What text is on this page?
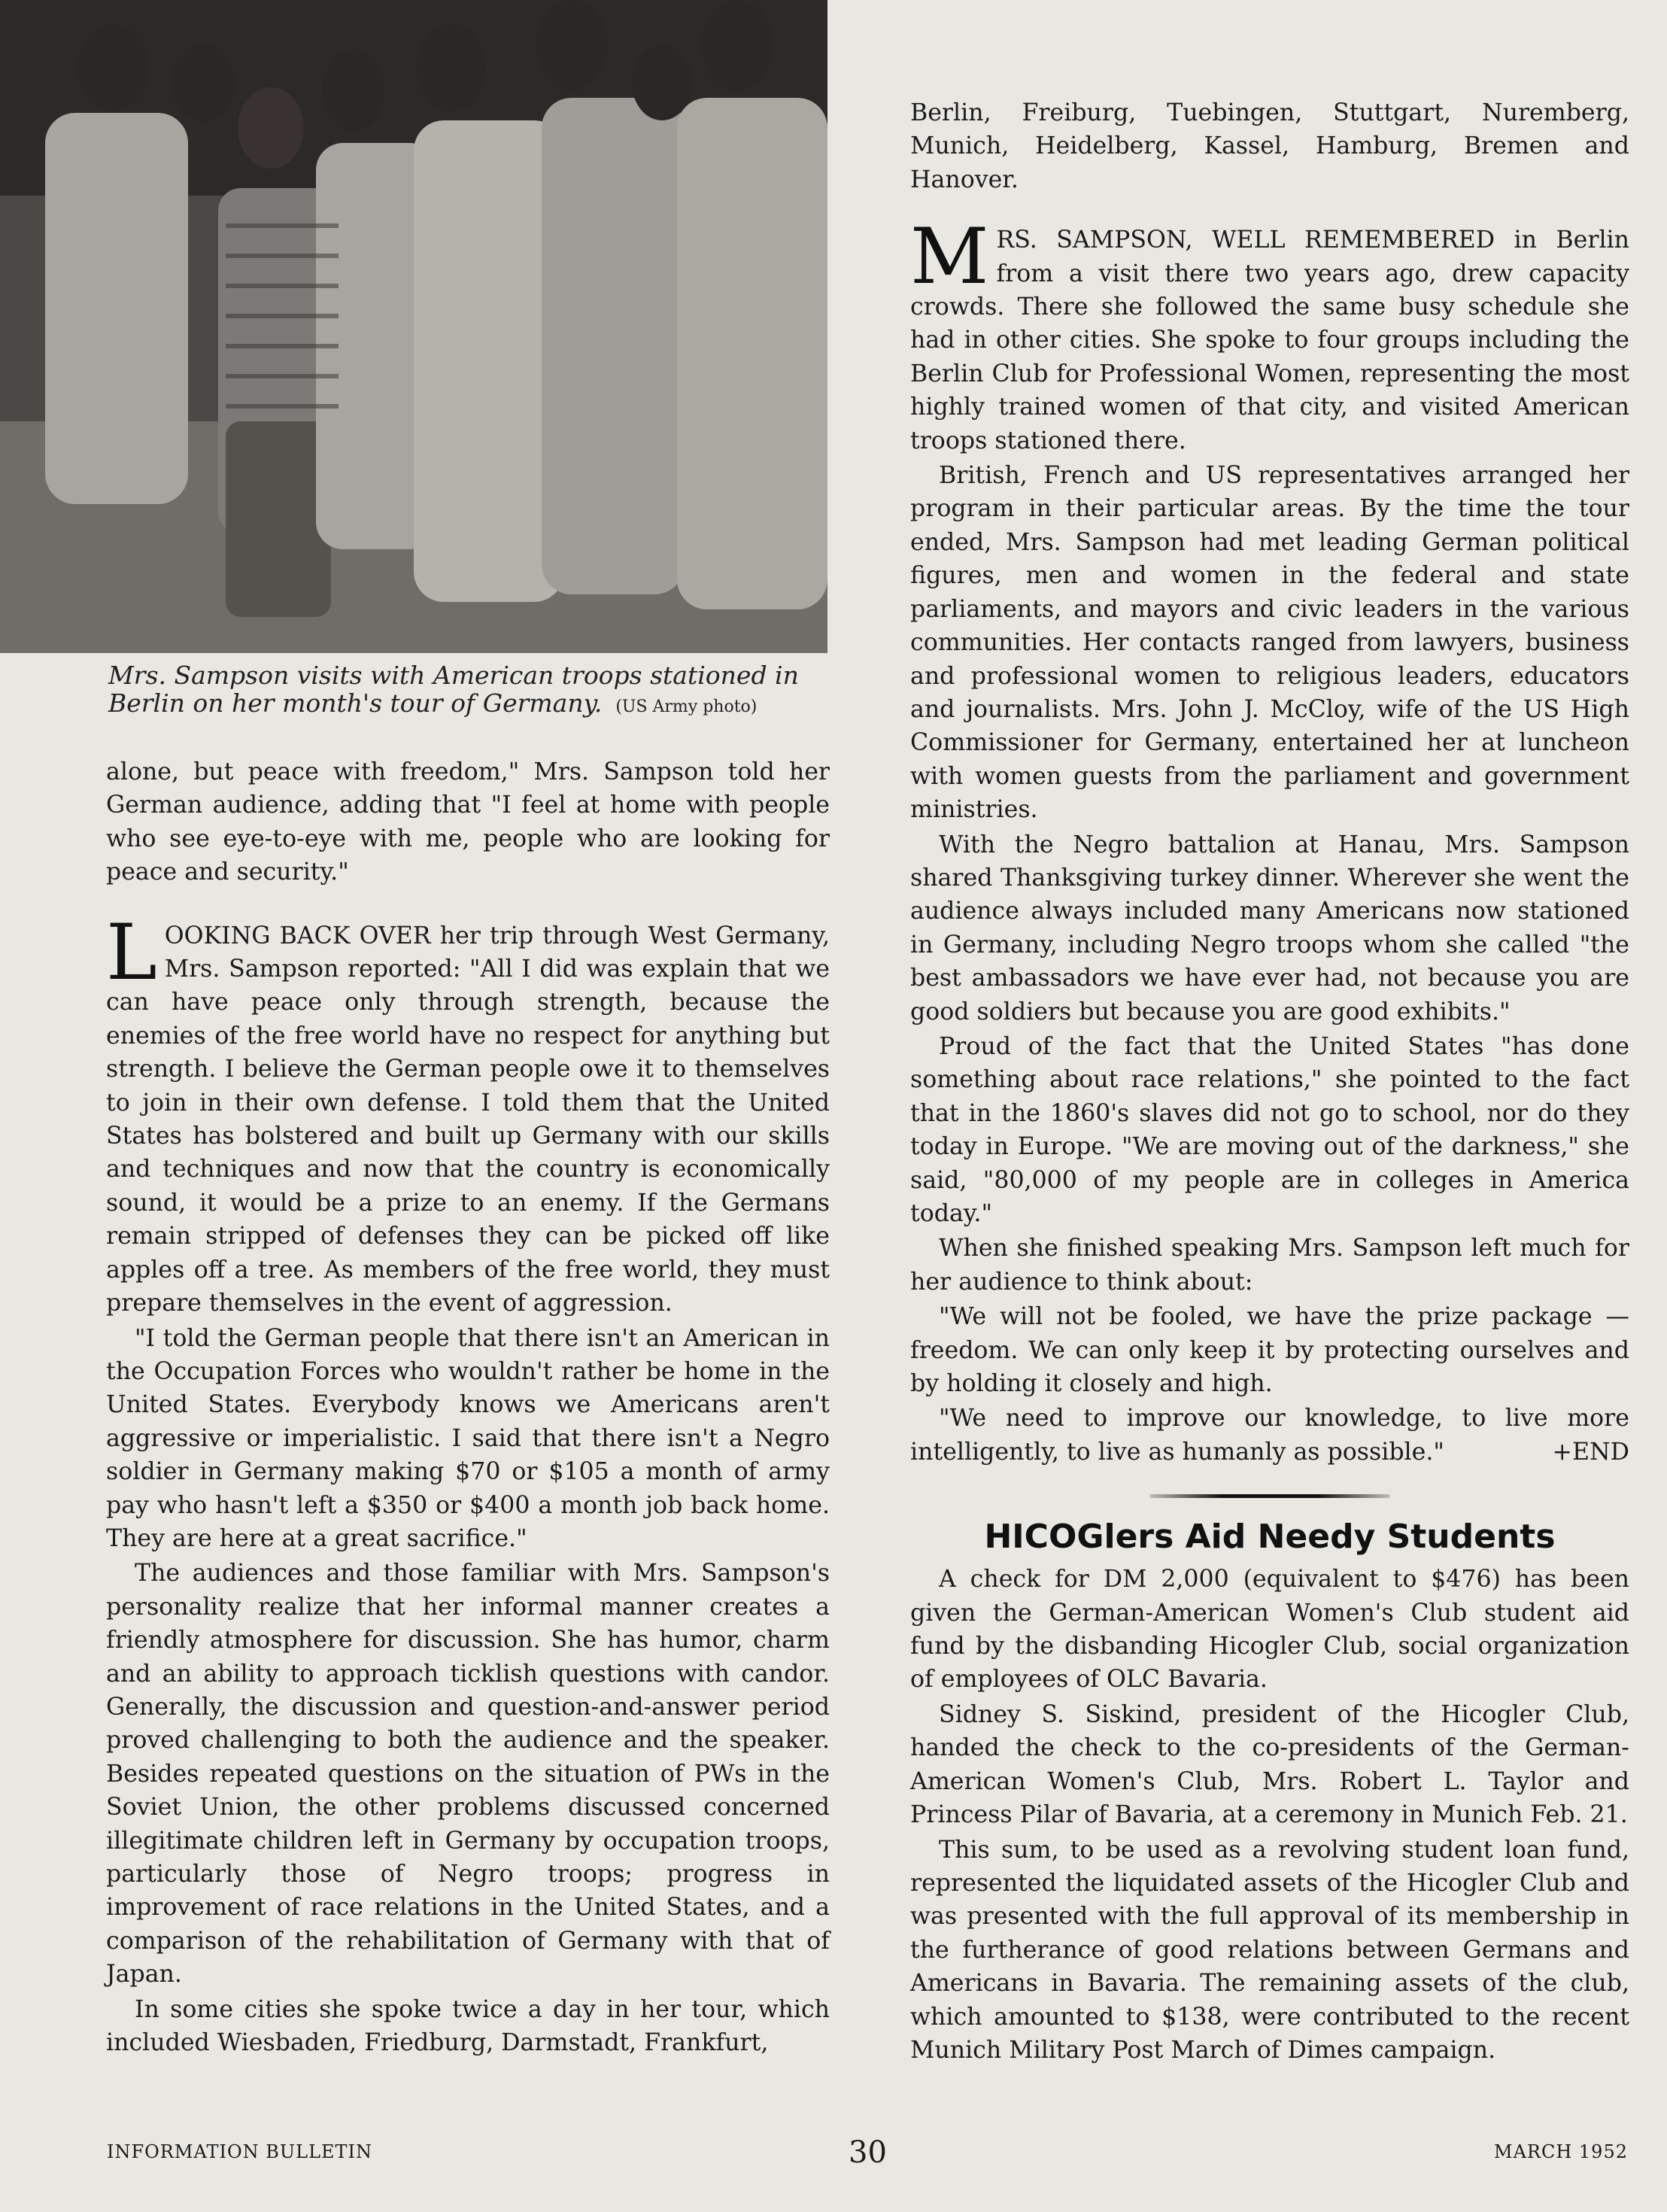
Mrs. Sampson visits with American troops stationed in Berlin on her month's tour of Germany. (US Army photo)

alone, but peace with freedom," Mrs. Sampson told her German audience, adding that "I feel at home with people who see eye-to-eye with me, people who are looking for peace and security."

LOOKING BACK OVER her trip through West Germany, Mrs. Sampson reported: "All I did was explain that we can have peace only through strength, because the enemies of the free world have no respect for anything but strength. I believe the German people owe it to themselves to join in their own defense. I told them that the United States has bolstered and built up Germany with our skills and techniques and now that the country is economically sound, it would be a prize to an enemy. If the Germans remain stripped of defenses they can be picked off like apples off a tree. As members of the free world, they must prepare themselves in the event of aggression.

"I told the German people that there isn't an American in the Occupation Forces who wouldn't rather be home in the United States. Everybody knows we Americans aren't aggressive or imperialistic. I said that there isn't a Negro soldier in Germany making $70 or $105 a month of army pay who hasn't left a $350 or $400 a month job back home. They are here at a great sacrifice."

The audiences and those familiar with Mrs. Sampson's personality realize that her informal manner creates a friendly atmosphere for discussion. She has humor, charm and an ability to approach ticklish questions with candor. Generally, the discussion and question-and-answer period proved challenging to both the audience and the speaker. Besides repeated questions on the situation of PWs in the Soviet Union, the other problems discussed concerned illegitimate children left in Germany by occupation troops, particularly those of Negro troops; progress in improvement of race relations in the United States, and a comparison of the rehabilitation of Germany with that of Japan.

In some cities she spoke twice a day in her tour, which included Wiesbaden, Friedburg, Darmstadt, Frankfurt,

Berlin, Freiburg, Tuebingen, Stuttgart, Nuremberg, Munich, Heidelberg, Kassel, Hamburg, Bremen and Hanover.

MRS. SAMPSON, WELL REMEMBERED in Berlin from a visit there two years ago, drew capacity crowds. There she followed the same busy schedule she had in other cities. She spoke to four groups including the Berlin Club for Professional Women, representing the most highly trained women of that city, and visited American troops stationed there.

British, French and US representatives arranged her program in their particular areas. By the time the tour ended, Mrs. Sampson had met leading German political figures, men and women in the federal and state parliaments, and mayors and civic leaders in the various communities. Her contacts ranged from lawyers, business and professional women to religious leaders, educators and journalists. Mrs. John J. McCloy, wife of the US High Commissioner for Germany, entertained her at luncheon with women guests from the parliament and government ministries.

With the Negro battalion at Hanau, Mrs. Sampson shared Thanksgiving turkey dinner. Wherever she went the audience always included many Americans now stationed in Germany, including Negro troops whom she called "the best ambassadors we have ever had, not because you are good soldiers but because you are good exhibits."

Proud of the fact that the United States "has done something about race relations," she pointed to the fact that in the 1860's slaves did not go to school, nor do they today in Europe. "We are moving out of the darkness," she said, "80,000 of my people are in colleges in America today."

When she finished speaking Mrs. Sampson left much for her audience to think about:

"We will not be fooled, we have the prize package — freedom. We can only keep it by protecting ourselves and by holding it closely and high.

"We need to improve our knowledge, to live more intelligently, to live as humanly as possible."	+END

HICOGlers Aid Needy Students

A check for DM 2,000 (equivalent to $476) has been given the German-American Women's Club student aid fund by the disbanding Hicogler Club, social organization of employees of OLC Bavaria.

Sidney S. Siskind, president of the Hicogler Club, handed the check to the co-presidents of the German-American Women's Club, Mrs. Robert L. Taylor and Princess Pilar of Bavaria, at a ceremony in Munich Feb. 21.

This sum, to be used as a revolving student loan fund, represented the liquidated assets of the Hicogler Club and was presented with the full approval of its membership in the furtherance of good relations between Germans and Americans in Bavaria. The remaining assets of the club, which amounted to $138, were contributed to the recent Munich Military Post March of Dimes campaign.

INFORMATION BULLETIN	30	MARCH 1952
